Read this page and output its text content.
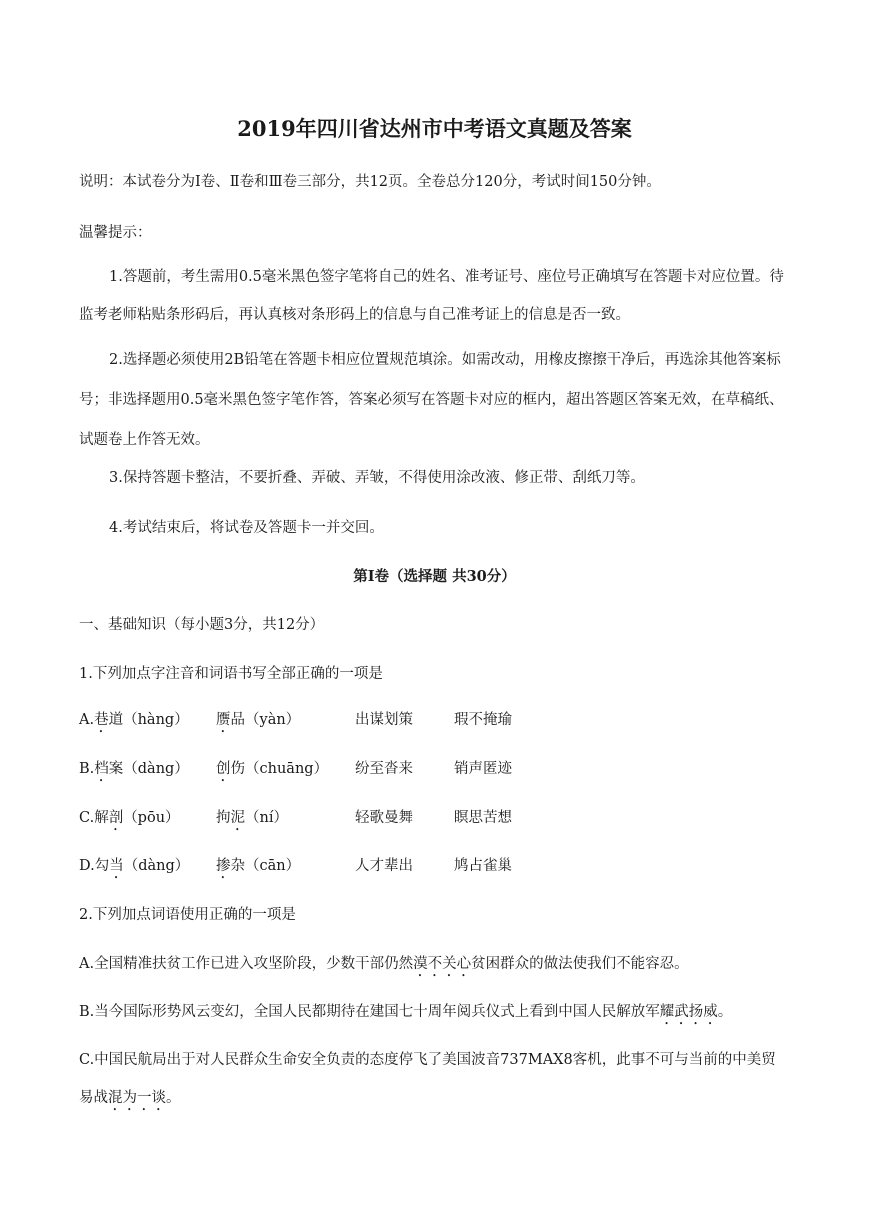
2019年四川省达州市中考语文真题及答案
说明：本试卷分为Ⅰ卷、Ⅱ卷和Ⅲ卷三部分，共12页。全卷总分120分，考试时间150分钟。
温馨提示：
1.答题前，考生需用0.5毫米黑色签字笔将自己的姓名、准考证号、座位号正确填写在答题卡对应位置。待监考老师粘贴条形码后，再认真核对条形码上的信息与自己准考证上的信息是否一致。
2.选择题必须使用2B铅笔在答题卡相应位置规范填涂。如需改动，用橡皮擦擦干净后，再选涂其他答案标号；非选择题用0.5毫米黑色签字笔作答，答案必须写在答题卡对应的框内，超出答题区答案无效，在草稿纸、试题卷上作答无效。
3.保持答题卡整洁，不要折叠、弄破、弄皱，不得使用涂改液、修正带、刮纸刀等。
4.考试结束后，将试卷及答题卡一并交回。
第Ⅰ卷（选择题 共30分）
一、基础知识（每小题3分，共12分）
1.下列加点字注音和词语书写全部正确的一项是
A.巷道（hàng） 赝品（yàn）	出谋划策	瑕不掩瑜
B.档案（dàng） 创伤（chuāng） 纷至沓来	销声匿迹
C.解剖（pōu）	拘泥（ní）	轻歌曼舞	瞑思苦想
D.勾当（dàng） 掺杂（cān）	人才辈出	鸠占雀巢
2.下列加点词语使用正确的一项是
A.全国精准扶贫工作已进入攻坚阶段，少数干部仍然漠不关心贫困群众的做法使我们不能容忍。
B.当今国际形势风云变幻，全国人民都期待在建国七十周年阅兵仪式上看到中国人民解放军耀武扬威。
C.中国民航局出于对人民群众生命安全负责的态度停飞了美国波音737MAX8客机，此事不可与当前的中美贸易战混为一谈。
